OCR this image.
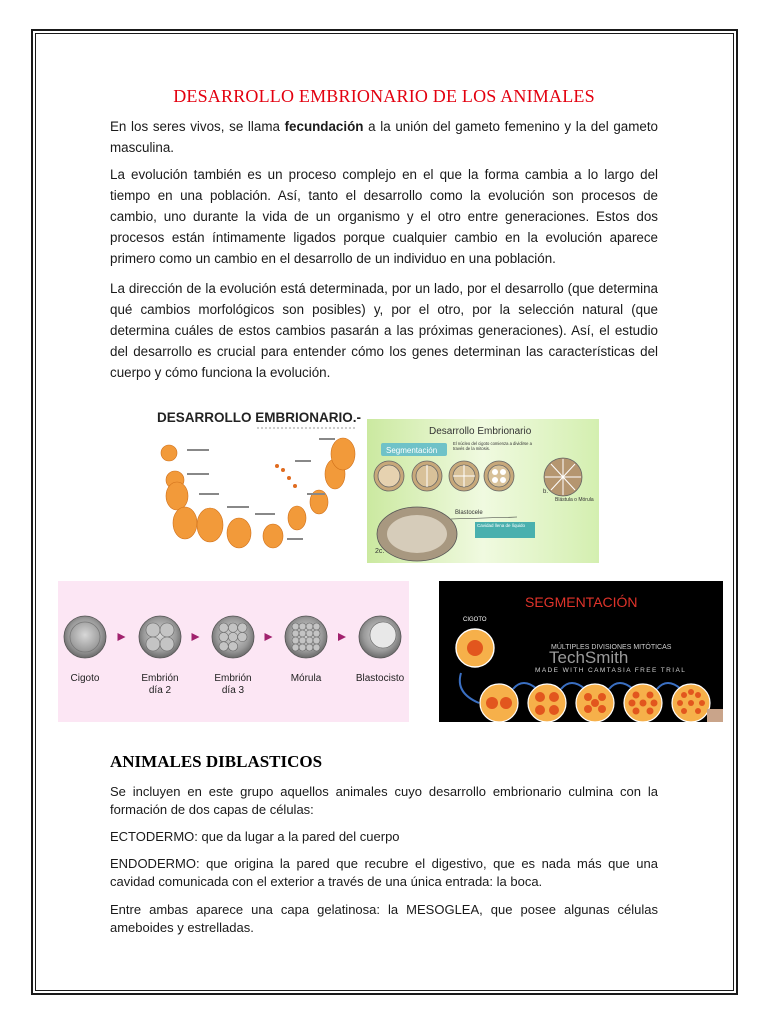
DESARROLLO EMBRIONARIO DE LOS ANIMALES

En los seres vivos, se llama fecundación a la unión del gameto femenino y la del gameto masculina.

La evolución también es un proceso complejo en el que la forma cambia a lo largo del tiempo en una población. Así, tanto el desarrollo como la evolución son procesos de cambio, uno durante la vida de un organismo y el otro entre generaciones. Estos dos procesos están íntimamente ligados porque cualquier cambio en la evolución aparece primero como un cambio en el desarrollo de un individuo en una población.

La dirección de la evolución está determinada, por un lado, por el desarrollo (que determina qué cambios morfológicos son posibles) y, por el otro, por la selección natural (que determina cuáles de estos cambios pasarán a las próximas generaciones). Así, el estudio del desarrollo es crucial para entender cómo los genes determinan las características del cuerpo y cómo funciona la evolución.

DESARROLLO EMBRIONARIO.-
Desarrollo Embrionario
Segmentación
El núcleo del cigoto comienza a dividirse a través de la mitosis.
b.
Blástula o Mórula
Blastocele
Cavidad llena de líquido
2c.
Cigoto	Embrión
día 2
Embrión
día 3
Mórula	Blastocisto
SEGMENTACIÓN
CIGOTO
MÚLTIPLES DIVISIONES MITÓTICAS
TechSmith
MADE WITH CAMTASIA FREE TRIAL
ANIMALES DIBLASTICOS

Se incluyen en este grupo aquellos animales cuyo desarrollo embrionario culmina con la formación de dos capas de células:

ECTODERMO: que da lugar a la pared del cuerpo

ENDODERMO: que origina la pared que recubre el digestivo, que es nada más que una cavidad comunicada con el exterior a través de una única entrada: la boca.

Entre ambas aparece una capa gelatinosa: la MESOGLEA, que posee algunas células ameboides y estrelladas.
